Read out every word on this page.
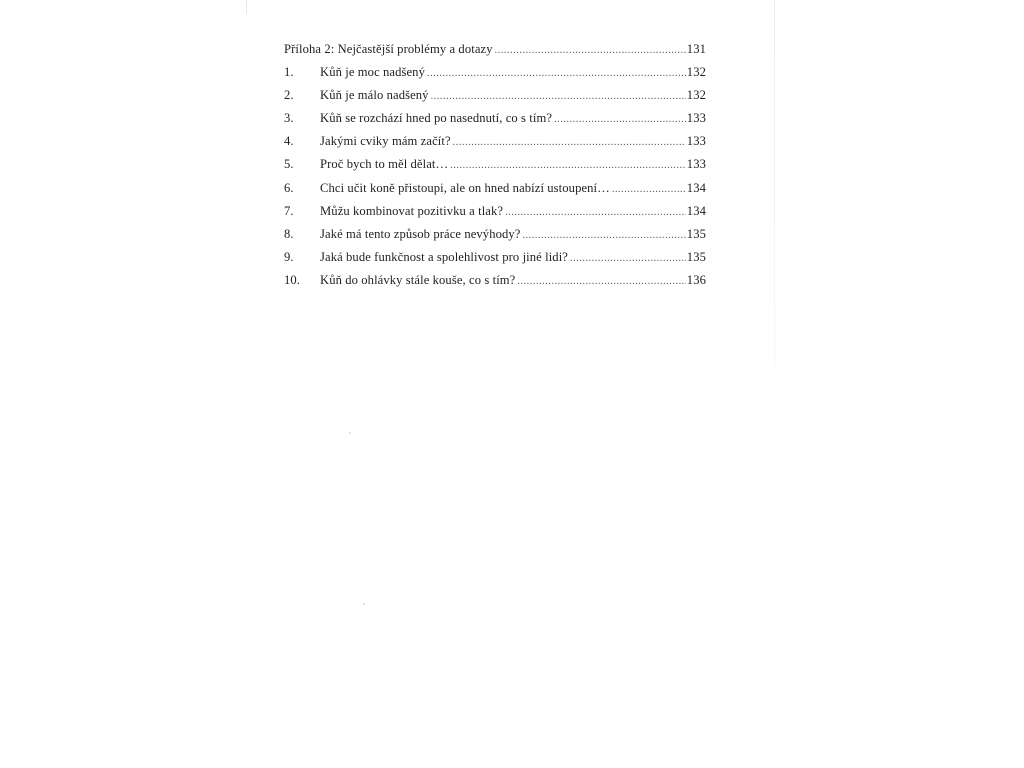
Příloha 2: Nejčastější problémy a dotazy .....	131
1.	Kůň je moc nadšený .....	132
2.	Kůň je málo nadšený .....	132
3.	Kůň se rozchází hned po nasednutí, co s tím? .....	133
4.	Jakými cviky mám začít? .....	133
5.	Proč bych to měl dělat… .....	133
6.	Chci učit koně přistoupi, ale on hned nabízí ustoupení… .....	134
7.	Můžu kombinovat pozitivku a tlak? .....	134
8.	Jaké má tento způsob práce nevýhody? .....	135
9.	Jaká bude funkčnost a spolehlivost pro jiné lidi? .....	135
10.	Kůň do ohlávky stále kouše, co s tím? .....	136
